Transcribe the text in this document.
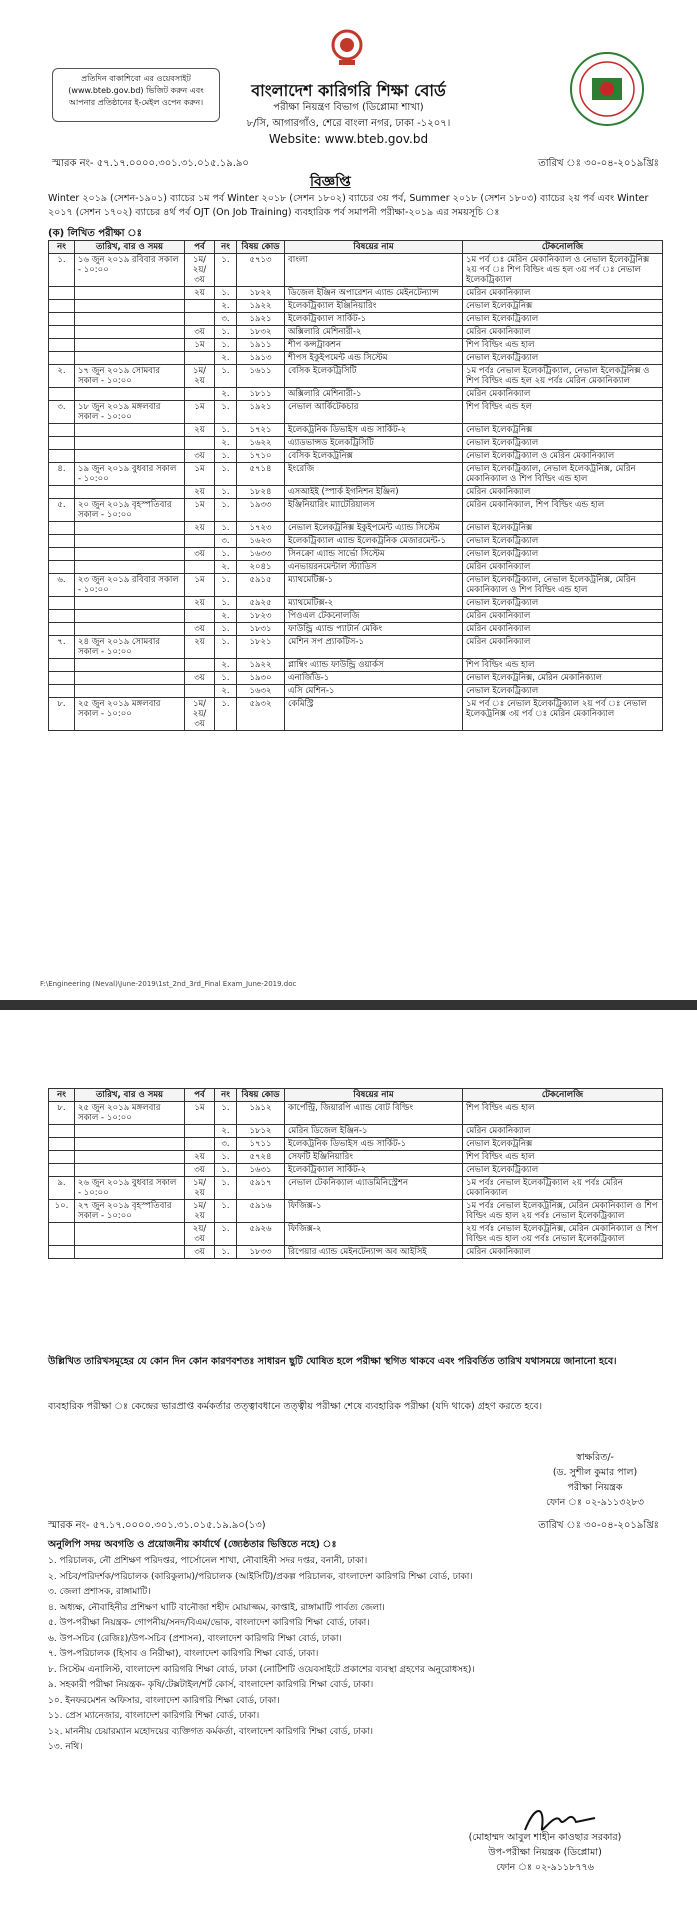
প্রতিদিন বাকাশিবো এর ওয়েবসাইট (www.bteb.gov.bd) ভিজিট করুন এবং আপনার প্রতিষ্ঠানের ই-মেইল ওপেন করুন।
বাংলাদেশ কারিগরি শিক্ষা বোর্ড
পরীক্ষা নিয়ন্ত্রণ বিভাগ (ডিপ্লোমা শাখা)
৮/সি, আগারগাঁও, শেরে বাংলা নগর, ঢাকা -১২০৭।
Website: www.bteb.gov.bd
স্মারক নং- ৫৭.১৭.০০০০.৩০১.৩১.০১৫.১৯.৯০	তারিখ ঃ ৩০-০৪-২০১৯খ্রিঃ
বিজ্ঞপ্তি
Winter ২০১৯ (সেশন-১৯০১) ব্যাচের ১ম পর্ব Winter ২০১৮ (সেশন ১৮০২) ব্যাচের ৩য় পর্ব, Summer ২০১৮ (সেশন ১৮০৩) ব্যাচের ২য় পর্ব এবং Winter ২০১৭ (সেশন ১৭০২) ব্যাচের ৪র্থ পর্ব OJT (On Job Training) ব্যবহারিক পর্ব সমাপনী পরীক্ষা-২০১৯ এর সময়সূচি ঃ
(ক) লিখিত পরীক্ষা ঃ
নং	তারিখ, বার ও সময়	পর্ব	নং	বিষয় কোড	বিষয়ের নাম	টেকনোলজি
১.	১৬ জুন ২০১৯ রবিবার সকাল - ১০:০০	১ম/২য়/৩য়	১.	৫৭১৩	বাংলা	১ম পর্ব ঃ মেরিন মেকানিক্যাল ও নেভাল ইলেকট্রনিক্স ২য় পর্ব ঃ শিপ বিল্ডিং এন্ড হল ৩য় পর্ব ঃ নেভাল ইলেকট্রিক্যাল
		২য়	১.	১৮২২	ডিজেল ইঞ্জিন অপারেশন এ্যান্ড মেইনটেন্যান্স	মেরিন মেকানিক্যাল
			২.	১৯২২	ইলেকট্রিক্যাল ইঞ্জিনিয়ারিং	নেভাল ইলেকট্রনিক্স
			৩.	১৯২১	ইলেকট্রিক্যাল সার্কিট-১	নেভাল ইলেকট্রিক্যাল
		৩য়	১.	১৮৩২	অক্সিলারি মেশিনারী-২	মেরিন মেকানিক্যাল
		১ম	১.	১৯১১	শীপ কন্সট্রাকশন	শিপ বিল্ডিং এন্ড হাল
			২.	১৯১৩	শীপস ইকুইপমেন্ট এন্ড সিস্টেম	নেভাল ইলেকট্রিক্যাল
২.	১৭ জুন ২০১৯ সোমবার সকাল - ১০:০০	১ম/২য়	১.	১৬১১	বেসিক ইলেকট্রিসিটি	১ম পর্বঃ নেভাল ইলেকট্রিক্যাল, নেভাল ইলেকট্রনিক্স ও শিপ বিল্ডিং এন্ড হল ২য় পর্বঃ মেরিন মেকানিক্যাল
			২.	১৮১১	অক্সিলারি মেশিনারী-১	মেরিন মেকানিক্যাল
৩.	১৮ জুন ২০১৯ মঙ্গলবার সকাল - ১০:০০	১ম	১.	১৯২১	নেভাল আর্কিটেকচার	শিপ বিল্ডিং এন্ড হল
		২য়	১.	১৭২১	ইলেকট্রনিক ডিভাইস এন্ড সার্কিট-২	নেভাল ইলেকট্রনিক্স
			২.	১৬২২	এ্যাডভান্সড ইলেকট্রিসিটি	নেভাল ইলেকট্রিক্যাল
		৩য়	১.	১৭১০	বেসিক ইলেকট্রনিক্স	নেভাল ইলেকট্রিক্যাল ও মেরিন মেকানিক্যাল
৪.	১৯ জুন ২০১৯ বুধবার সকাল - ১০:০০	১ম	১.	৫৭১৪	ইংরেজি	নেভাল ইলেকট্রিক্যাল, নেভাল ইলেকট্রনিক্স, মেরিন মেকানিক্যাল ও শিপ বিল্ডিং এন্ড হাল
		২য়	১.	১৮২৪	এসআইই (স্পার্ক ইগনিশন ইঞ্জিন)	মেরিন মেকানিক্যাল
৫.	২০ জুন ২০১৯ বৃহস্পতিবার সকাল - ১০:০০	১ম	১.	১৯৩৩	ইঞ্জিনিয়ারিং ম্যাটেরিয়ালস	মেরিন মেকানিক্যাল, শিপ বিল্ডিং এন্ড হাল
		২য়	১.	১৭২৩	নেভাল ইলেকট্রনিক্স ইকুইপমেন্ট এ্যান্ড সিস্টেম	নেভাল ইলেকট্রনিক্স
			৩.	১৬২৩	ইলেকট্রিক্যাল এ্যান্ড ইলেকট্রনিক মেজারমেন্ট-১	নেভাল ইলেকট্রিক্যাল
		৩য়	১.	১৬৩৩	সিনক্রো এ্যান্ড সার্ভো সিস্টেম	নেভাল ইলেকট্রিক্যাল
			২.	২০৪১	এনভায়রনমেন্টাল স্ট্যাডিস	মেরিন মেকানিক্যাল
৬.	২৩ জুন ২০১৯ রবিবার সকাল - ১০:০০	১ম	১.	৫৯১৫	ম্যাথমেটিক্স-১	নেভাল ইলেকট্রিক্যাল, নেভাল ইলেকট্রনিক্স, মেরিন মেকানিক্যাল ও শিপ বিল্ডিং এন্ড হাল
		২য়	১.	৫৯২৫	ম্যাথমেটিক্স-২	নেভাল ইলেকট্রিক্যাল
			২.	১৮২৩	পিওএল টেকনোলজি	মেরিন মেকানিক্যাল
		৩য়	১.	১৮৩১	ফাউন্ড্রি এ্যান্ড প্যাটার্ন মেকিং	মেরিন মেকানিক্যাল
৭.	২৪ জুন ২০১৯ সোমবার সকাল - ১০:০০	২য়	১.	১৮২১	মেশিন সপ প্র্যাকটিস-১	মেরিন মেকানিক্যাল
			২.	১৯২২	প্লাম্বিং এ্যান্ড ফাউন্ড্রি ওয়ার্কস	শিপ বিল্ডিং এন্ড হাল
		৩য়	১.	১৯৩০	এনার্জিডি-১	নেভাল ইলেকট্রনিক্স, মেরিন মেকানিক্যাল
			২.	১৬৩২	এসি মেশিন-১	নেভাল ইলেকট্রিক্যাল
৮.	২৫ জুন ২০১৯ মঙ্গলবার সকাল - ১০:০০	১ম/২য়/৩য়	১.	৫৯৩২	কেমিস্ট্রি	১ম পর্ব ঃ নেভাল ইলেকট্রিক্যাল ২য় পর্ব ঃ নেভাল ইলেকট্রনিক্স ৩য় পর্ব ঃ মেরিন মেকানিক্যাল
F:\Engineering (Neval)\June-2019\1st_2nd_3rd_Final Exam_June-2019.doc
নং	তারিখ, বার ও সময়	পর্ব	নং	বিষয় কোড	বিষয়ের নাম	টেকনোলজি
৮.	২৫ জুন ২০১৯ মঙ্গলবার সকাল - ১০:০০	১ম	১.	১৯১২	কার্পেন্ট্রি, জিয়ারপি এ্যান্ড বোট বিল্ডিং	শিপ বিল্ডিং এন্ড হাল
			২.	১৮১২	মেরিন ডিজেল ইঞ্জিন-১	মেরিন মেকানিক্যাল
			৩.	১৭১১	ইলেকট্রনিক ডিভাইস এন্ড সার্কিট-১	নেভাল ইলেকট্রনিক্স
		২য়	১.	৫৭২৪	সেফটি ইঞ্জিনিয়ারিং	শিপ বিল্ডিং এন্ড হাল
		৩য়	১.	১৬৩১	ইলেকট্রিক্যাল সার্কিট-২	নেভাল ইলেকট্রিক্যাল
৯.	২৬ জুন ২০১৯ বুধবার সকাল - ১০:০০	১ম/২য়	১.	৫৯১৭	নেভাল টেকনিক্যাল এ্যাডমিনিস্ট্রেশন	১ম পর্বঃ নেভাল ইলেকট্রিক্যাল ২য় পর্বঃ মেরিন মেকানিক্যাল
১০.	২৭ জুন ২০১৯ বৃহস্পতিবার সকাল - ১০:০০	১ম/২য়	১.	৫৯১৬	ফিজিক্স-১	১ম পর্বঃ নেভাল ইলেকট্রনিক্স, মেরিন মেকানিক্যাল ও শিপ বিল্ডিং এন্ড হাল ২য় পর্বঃ নেভাল ইলেকট্রিক্যাল
		২য়/৩য়	১.	৫৯২৬	ফিজিক্স-২	২য় পর্বঃ নেভাল ইলেকট্রনিক্স, মেরিন মেকানিক্যাল ও শিপ বিল্ডিং এন্ড হাল ৩য় পর্বঃ নেভাল ইলেকট্রিক্যাল
		৩য়	১.	১৮৩৩	রিপেয়ার এ্যান্ড মেইনটেন্যান্স অব আইসিই	মেরিন মেকানিক্যাল
উল্লিখিত তারিখসমূহের যে কোন দিন কোন কারণবশতঃ সাধারন ছুটি ঘোষিত হলে পরীক্ষা স্থগিত থাকবে এবং পরিবর্তিত তারিখ যথাসময়ে জানানো হবে।
ব্যবহারিক পরীক্ষা ঃ কেন্দ্রের ভারপ্রাপ্ত কর্মকর্তার তত্ত্বাবধানে তত্ত্বীয় পরীক্ষা শেষে ব্যবহারিক পরীক্ষা (যদি থাকে) গ্রহণ করতে হবে।
স্বাক্ষরিত/-
(ড. সুশীল কুমার পাল)
পরীক্ষা নিয়ন্ত্রক
ফোন ঃ ০২-৯১১৩২৮৩
স্মারক নং- ৫৭.১৭.০০০০.৩০১.৩১.০১৫.১৯.৯০(১৩)	তারিখ ঃ ৩০-০৪-২০১৯খ্রিঃ
অনুলিপি সদয় অবগতি ও প্রয়োজনীয় কার্যার্থে (জ্যেষ্ঠতার ভিত্তিতে নহে) ঃ
১. পরিচালক, নৌ প্রশিক্ষণ পরিদপ্তর, পার্সোনেল শাখা, নৌবাহিনী সদর দপ্তর, বনানী, ঢাকা।
২. সচিব/পরিদর্শক/পরিচালক (কারিকুলাম)/পরিচালক (আইসিটি)/প্রকল্প পরিচালক, বাংলাদেশ কারিগরি শিক্ষা বোর্ড, ঢাকা।
৩. জেলা প্রশাসক, রাঙ্গামাটি।
৪. অধ্যক্ষ, নৌবাহিনীর প্রশিক্ষণ ঘাটি বানৌজা শহীদ মোয়াজ্জম, কাপ্তাই, রাঙ্গামাটি পার্বত্য জেলা।
৫. উপ-পরীক্ষা নিয়ন্ত্রক- গোপনীয়/সনদ/বিএম/ভোক, বাংলাদেশ কারিগরি শিক্ষা বোর্ড, ঢাকা।
৬. উপ-সচিব (রেজিঃ)/উপ-সচিব (প্রশাসন), বাংলাদেশ কারিগরি শিক্ষা বোর্ড, ঢাকা।
৭. উপ-পরিচালক (হিসাব ও নিরীক্ষা), বাংলাদেশ কারিগরি শিক্ষা বোর্ড, ঢাকা।
৮. সিস্টেম এনালিস্ট, বাংলাদেশ কারিগরি শিক্ষা বোর্ড, ঢাকা (নোটিশটি ওয়েবসাইটে প্রকাশের ব্যবস্থা গ্রহণের অনুরোধসহ)।
৯. সহকারী পরীক্ষা নিয়ন্ত্রক- কৃষি/টেক্সটাইল/শর্ট কোর্স, বাংলাদেশ কারিগরি শিক্ষা বোর্ড, ঢাকা।
১০. ইনফরমেশন অফিসার, বাংলাদেশ কারিগরি শিক্ষা বোর্ড, ঢাকা।
১১. প্রেস ম্যানেজার, বাংলাদেশ কারিগরি শিক্ষা বোর্ড, ঢাকা।
১২. মাননীয় চেয়ারম্যান মহোদয়ের ব্যক্তিগত কর্মকর্তা, বাংলাদেশ কারিগরি শিক্ষা বোর্ড, ঢাকা।
১৩. নথি।
(মোহাম্মদ আবুল শাহীন কাওছার সরকার)
উপ-পরীক্ষা নিয়ন্ত্রক (ডিপ্লোমা)
ফোন ঃ ০২-৯১১৮৭৭৬
